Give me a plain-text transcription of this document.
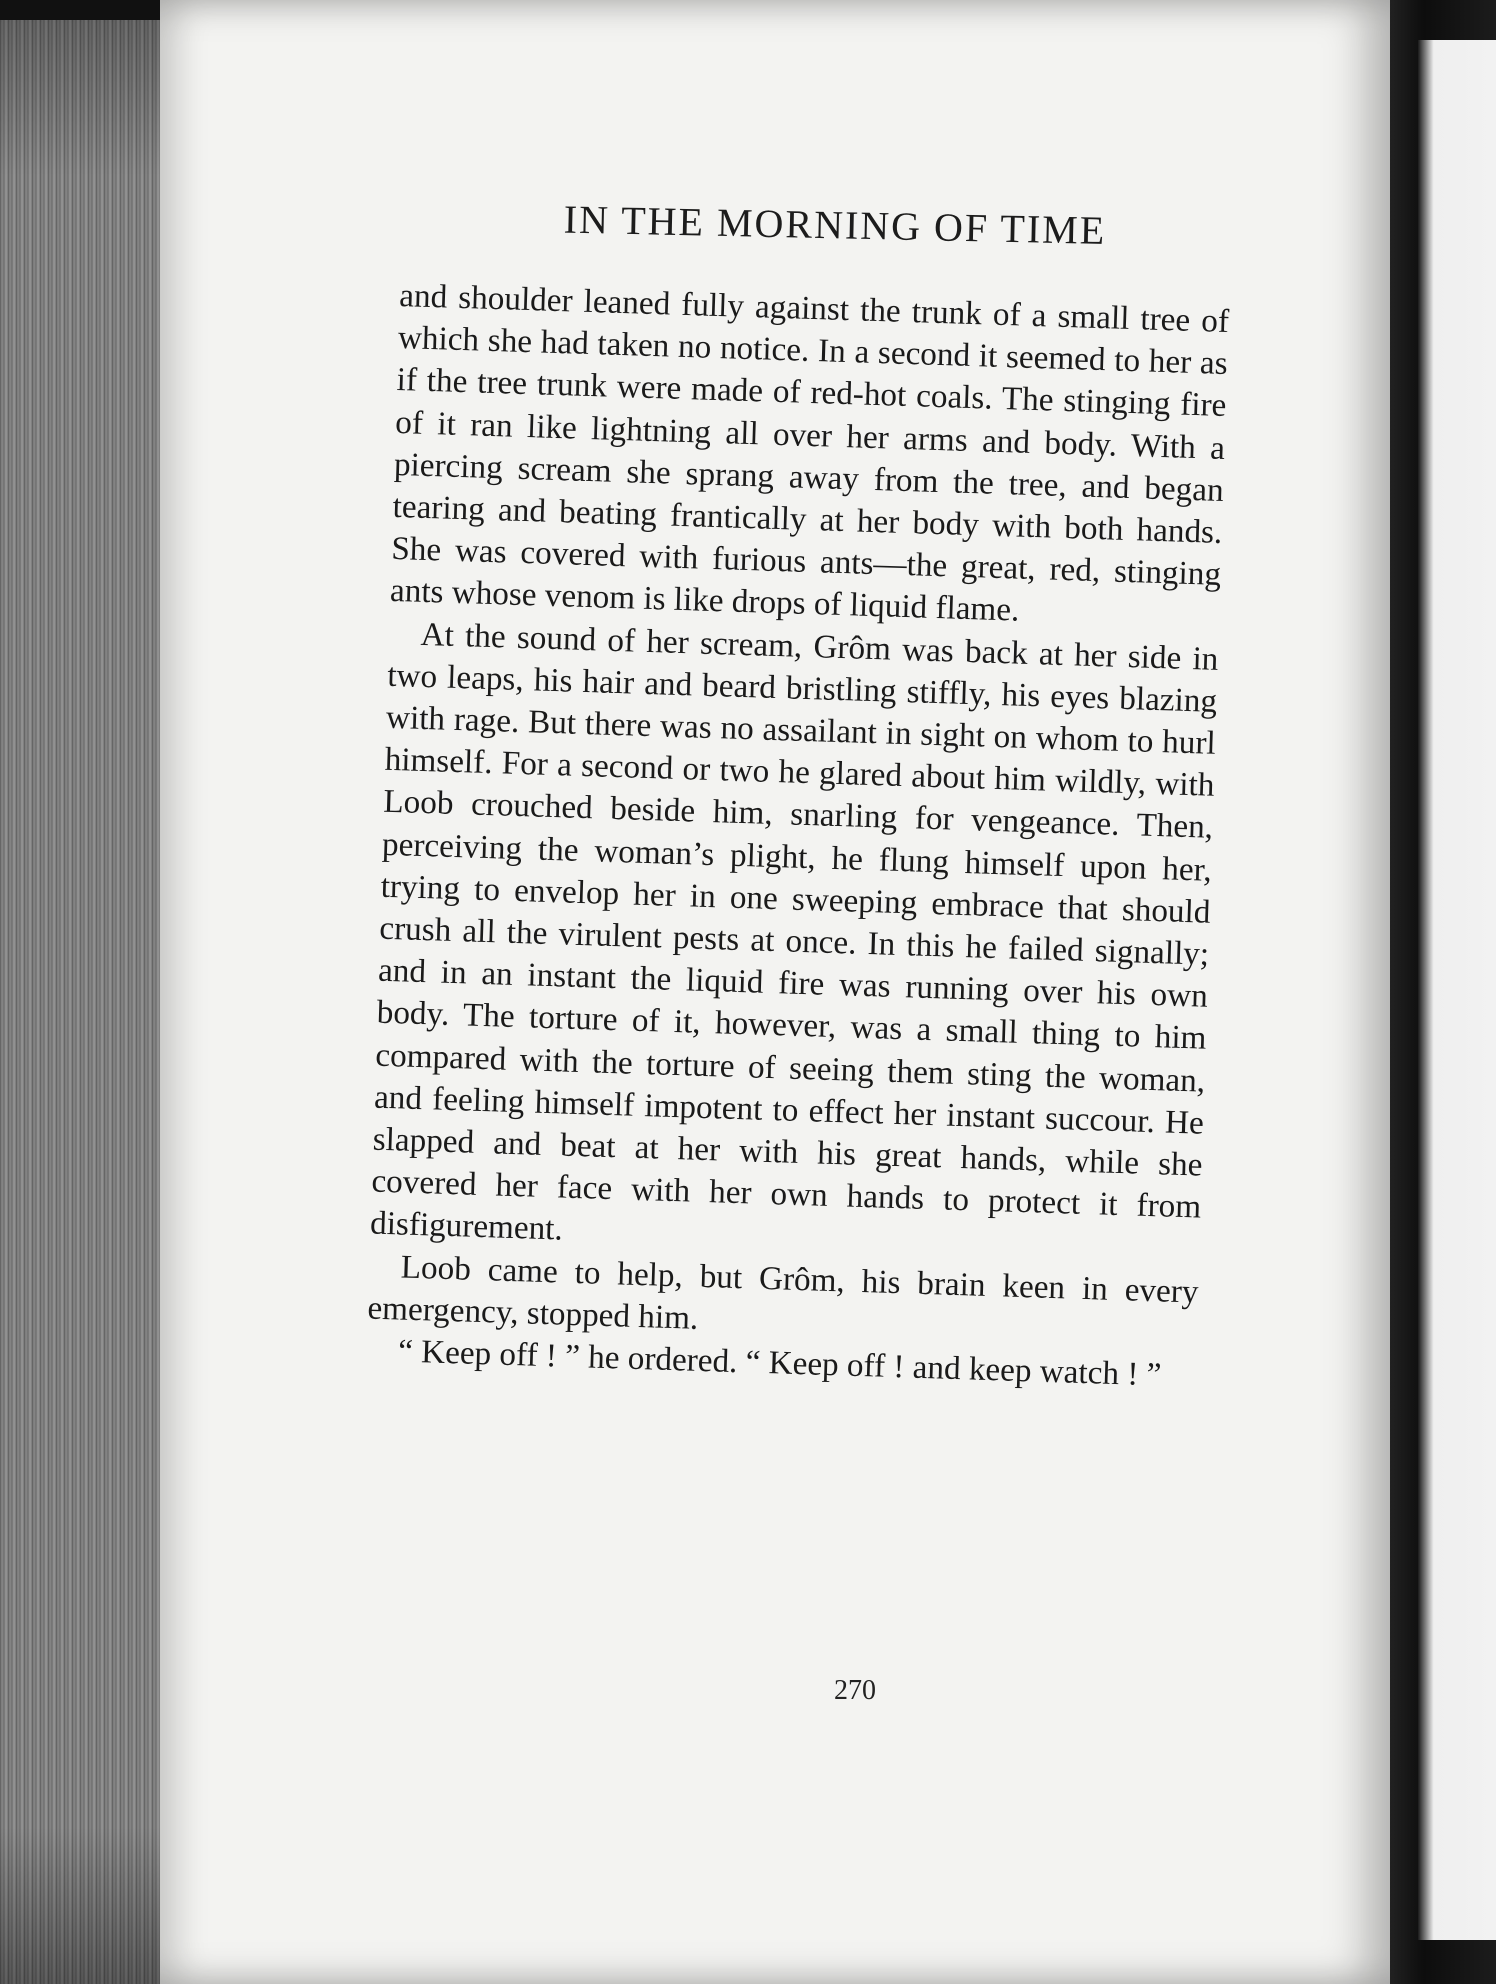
IN THE MORNING OF TIME

and shoulder leaned fully against the trunk of a small tree of which she had taken no notice. In a second it seemed to her as if the tree trunk were made of red-hot coals. The stinging fire of it ran like lightning all over her arms and body. With a piercing scream she sprang away from the tree, and began tearing and beating frantically at her body with both hands. She was covered with furious ants—the great, red, stinging ants whose venom is like drops of liquid flame.

At the sound of her scream, Grôm was back at her side in two leaps, his hair and beard bristling stiffly, his eyes blazing with rage. But there was no assailant in sight on whom to hurl himself. For a second or two he glared about him wildly, with Loob crouched beside him, snarling for vengeance. Then, perceiving the woman’s plight, he flung himself upon her, trying to envelop her in one sweeping embrace that should crush all the virulent pests at once. In this he failed signally; and in an instant the liquid fire was running over his own body. The torture of it, however, was a small thing to him compared with the torture of seeing them sting the woman, and feeling himself impotent to effect her instant succour. He slapped and beat at her with his great hands, while she covered her face with her own hands to protect it from disfigurement.

Loob came to help, but Grôm, his brain keen in every emergency, stopped him.

“ Keep off ! ” he ordered. “ Keep off ! and keep watch ! ”

270
